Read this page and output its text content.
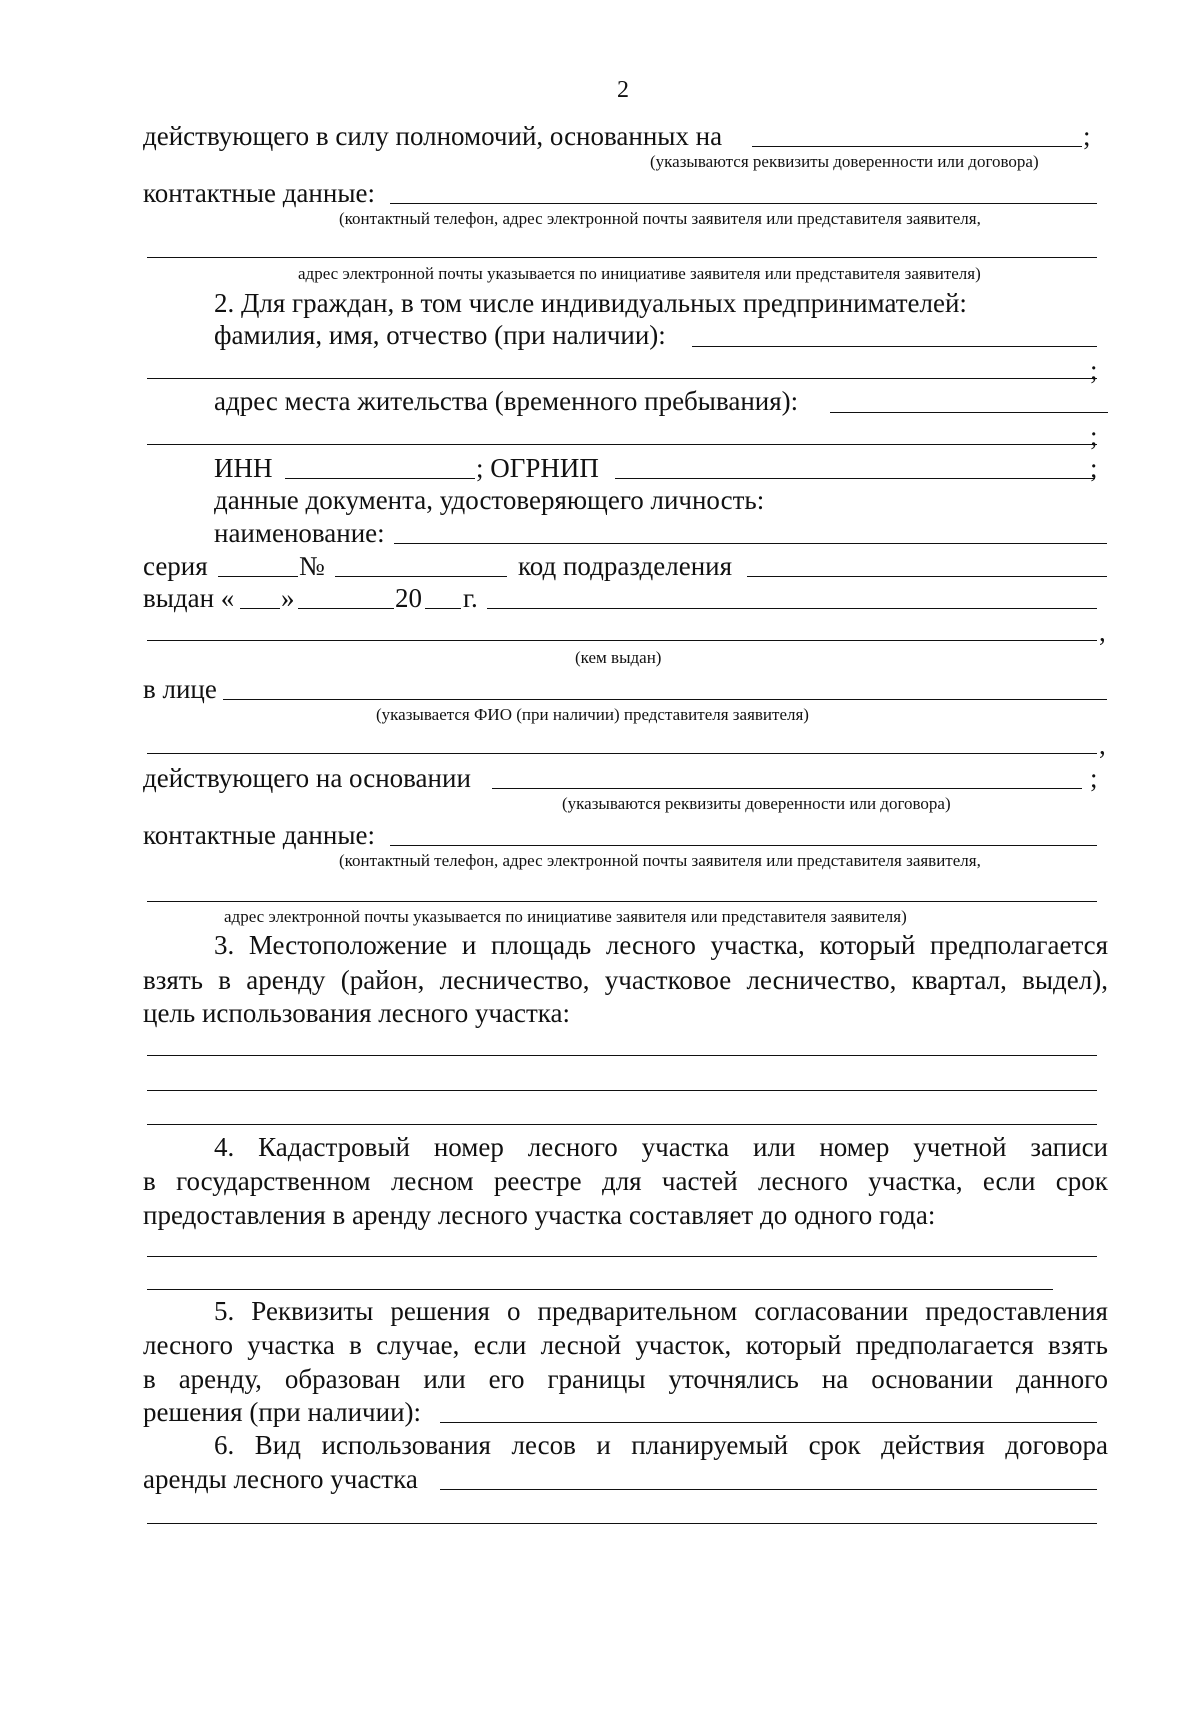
2
действующего в силу полномочий, основанных на	;
(указываются реквизиты доверенности или договора)
контактные данные:
(контактный телефон, адрес электронной почты заявителя или представителя заявителя,
адрес электронной почты указывается по инициативе заявителя или представителя заявителя)
2. Для граждан, в том числе индивидуальных предпринимателей:
фамилия, имя, отчество (при наличии):
;
адрес места жительства (временного пребывания):
;
ИНН	; ОГРНИП	;
данные документа, удостоверяющего личность:
наименование:
серия	№	код подразделения
выдан « »	20 г.
,
(кем выдан)
в лице
(указывается ФИО (при наличии) представителя заявителя)
,
действующего на основании	;
(указываются реквизиты доверенности или договора)
контактные данные:
(контактный телефон, адрес электронной почты заявителя или представителя заявителя,
адрес электронной почты указывается по инициативе заявителя или представителя заявителя)
3. Местоположение и площадь лесного участка, который предполагается
взять в аренду (район, лесничество, участковое лесничество, квартал, выдел),
цель использования лесного участка:
4. Кадастровый номер лесного участка или номер учетной записи
в государственном лесном реестре для частей лесного участка, если срок
предоставления в аренду лесного участка составляет до одного года:
5. Реквизиты решения о предварительном согласовании предоставления
лесного участка в случае, если лесной участок, который предполагается взять
в аренду, образован или его границы уточнялись на основании данного
решения (при наличии):
6. Вид использования лесов и планируемый срок действия договора
аренды лесного участка
